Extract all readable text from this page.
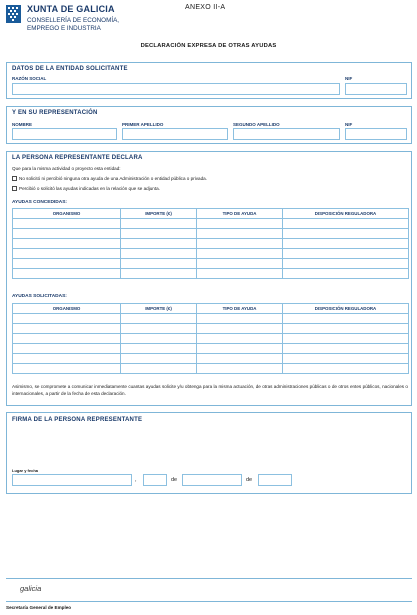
XUNTA DE GALICIA
CONSELLERÍA DE ECONOMÍA,
EMPREGO E INDUSTRIA
ANEXO II-A
DECLARACIÓN EXPRESA DE OTRAS AYUDAS
DATOS DE LA ENTIDAD SOLICITANTE
RAZÓN SOCIAL	NIF
Y EN SU REPRESENTACIÓN
NOMBRE	PRIMER APELLIDO	SEGUNDO APELLIDO	NIF
LA PERSONA REPRESENTANTE DECLARA
Que para la misma actividad o proyecto esta entidad:
No solicitó ni percibió ninguna otra ayuda de una Administración o entidad pública o privada.
Percibió o solicitó las ayudas indicadas en la relación que se adjunta.
AYUDAS CONCEDIDAS:
ORGANISMO	IMPORTE (€)	TIPO DE AYUDA	DISPOSICIÓN REGULADORA

AYUDAS SOLICITADAS:
ORGANISMO	IMPORTE (€)	TIPO DE AYUDA	DISPOSICIÓN REGULADORA

Asimismo, se compromete a comunicar inmediatamente cuantas ayudas solicite y/u obtenga para la misma actuación, de otras administraciones públicas o de otros entes públicos, nacionales o internacionales, a partir de la fecha de esta declaración.
FIRMA DE LA PERSONA REPRESENTANTE
Lugar y fecha
,	de	de
galicia
Secretaría General de Empleo
